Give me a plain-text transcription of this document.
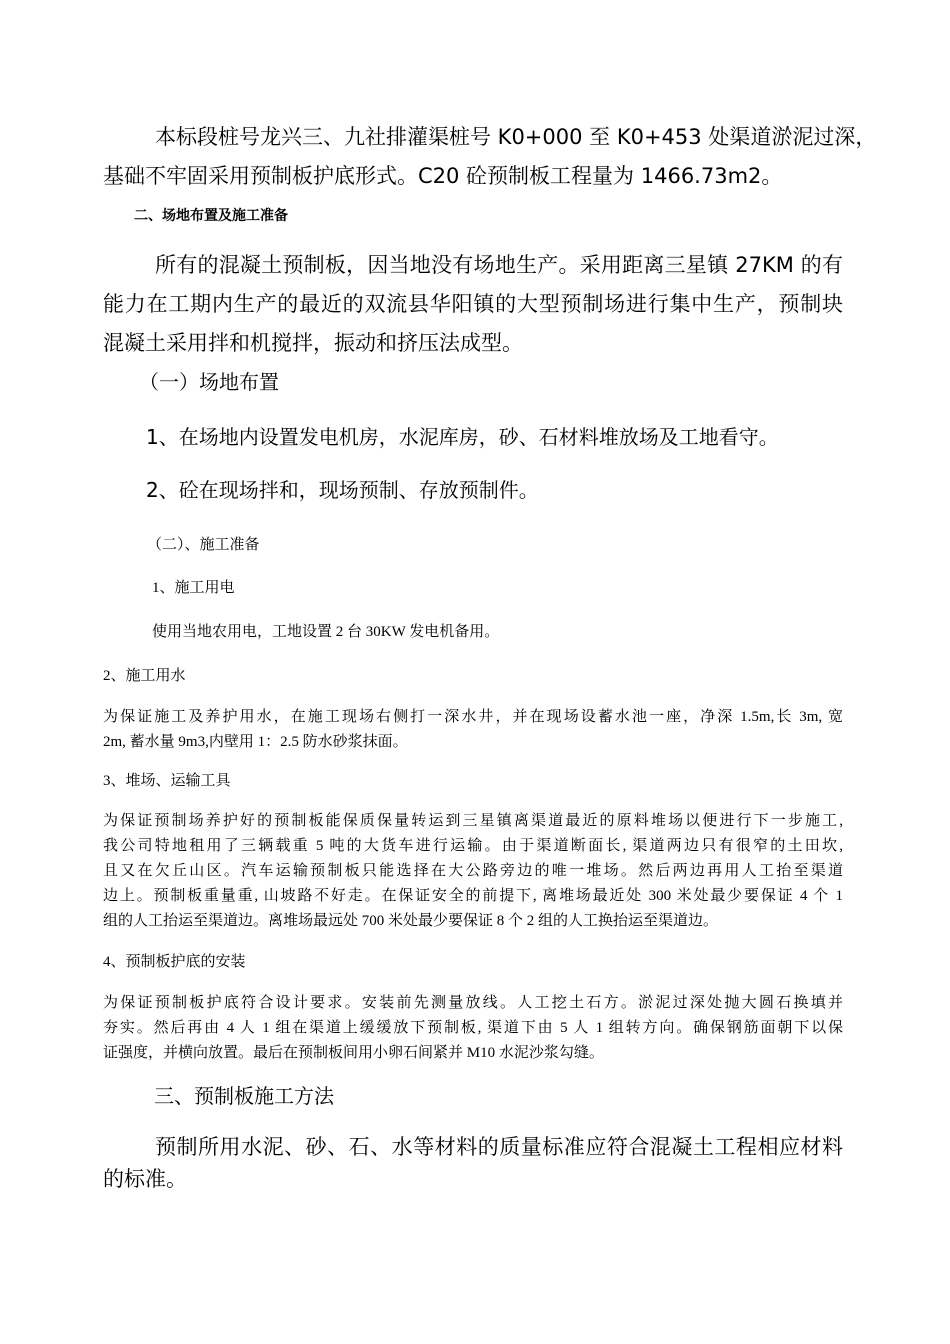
本标段桩号龙兴三、九社排灌渠桩号 K0+000 至 K0+453 处渠道淤泥过深，
基础不牢固采用预制板护底形式。C20 砼预制板工程量为 1466.73m2。
二、场地布置及施工准备
所有的混凝土预制板，因当地没有场地生产。采用距离三星镇 27KM 的有
能力在工期内生产的最近的双流县华阳镇的大型预制场进行集中生产，预制块
混凝土采用拌和机搅拌，振动和挤压法成型。
（一）场地布置
1、在场地内设置发电机房，水泥库房，砂、石材料堆放场及工地看守。
2、砼在现场拌和，现场预制、存放预制件。
（二）、施工准备
1、施工用电
使用当地农用电，工地设置 2 台 30KW 发电机备用。
2、施工用水
为保证施工及养护用水，在施工现场右侧打一深水井，并在现场设蓄水池一座，净深 1.5m,长 3m, 宽
2m, 蓄水量 9m3,内壁用 1：2.5 防水砂浆抹面。
3、堆场、运输工具
为保证预制场养护好的预制板能保质保量转运到三星镇离渠道最近的原料堆场以便进行下一步施工,
我公司特地租用了三辆载重 5 吨的大货车进行运输。由于渠道断面长, 渠道两边只有很窄的土田坎,
且又在欠丘山区。汽车运输预制板只能选择在大公路旁边的唯一堆场。然后两边再用人工抬至渠道
边上。预制板重量重, 山坡路不好走。在保证安全的前提下, 离堆场最近处 300 米处最少要保证 4 个 1
组的人工抬运至渠道边。离堆场最远处 700 米处最少要保证 8 个 2 组的人工换抬运至渠道边。
4、预制板护底的安装
为保证预制板护底符合设计要求。安装前先测量放线。人工挖土石方。淤泥过深处抛大圆石换填并
夯实。然后再由 4 人 1 组在渠道上缓缓放下预制板, 渠道下由 5 人 1 组转方向。确保钢筋面朝下以保
证强度，并横向放置。最后在预制板间用小卵石间紧并 M10 水泥沙浆勾缝。
三、预制板施工方法
预制所用水泥、砂、石、水等材料的质量标准应符合混凝土工程相应材料
的标准。
